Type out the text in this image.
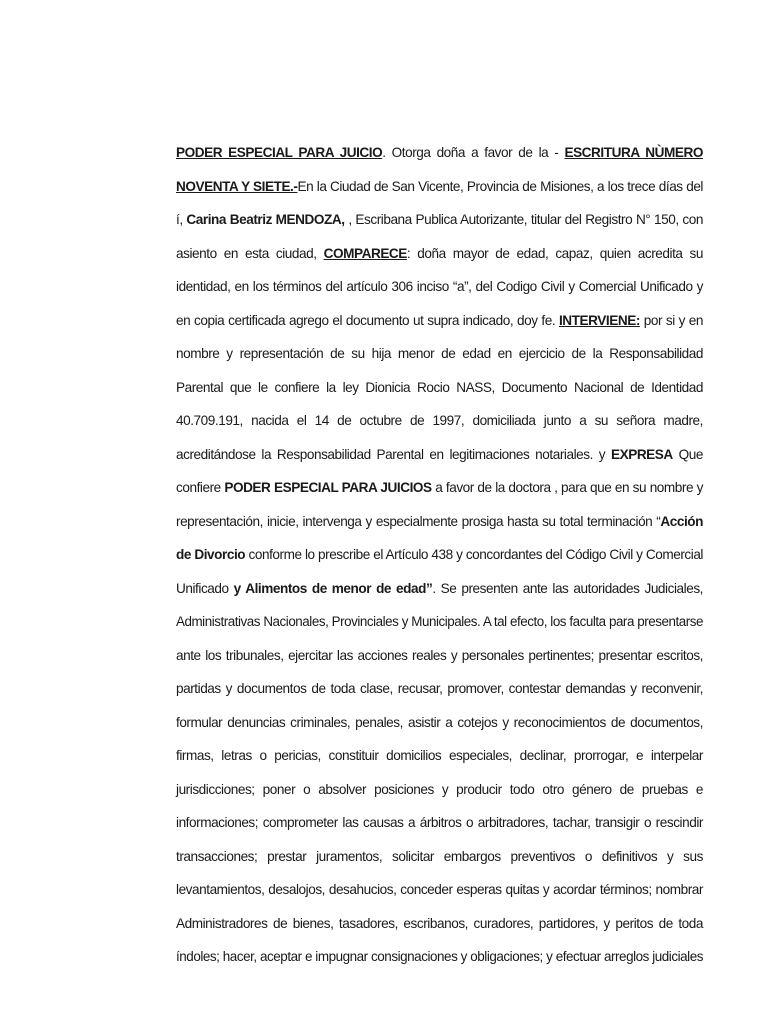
PODER ESPECIAL PARA JUICIO. Otorga doña a favor de la - ESCRITURA NÙMERO
NOVENTA Y SIETE.-En la Ciudad de San Vicente, Provincia de Misiones, a los trece días del
í, Carina Beatriz MENDOZA, , Escribana Publica Autorizante, titular del Registro N° 150, con
asiento en esta ciudad, COMPARECE: doña mayor de edad, capaz, quien acredita su
identidad, en los términos del artículo 306 inciso “a”, del Codigo Civil y Comercial Unificado y
en copia certificada agrego el documento ut supra indicado, doy fe. INTERVIENE: por si y en
nombre y representación de su hija menor de edad en ejercicio de la Responsabilidad
Parental que le confiere la ley Dionicia Rocio NASS, Documento Nacional de Identidad
40.709.191, nacida el 14 de octubre de 1997, domiciliada junto a su señora madre,
acreditándose la Responsabilidad Parental en legitimaciones notariales. y EXPRESA Que
confiere PODER ESPECIAL PARA JUICIOS a favor de la doctora , para que en su nombre y
representación, inicie, intervenga y especialmente prosiga hasta su total terminación “Acción
de Divorcio conforme lo prescribe el Artículo 438 y concordantes del Código Civil y Comercial
Unificado y Alimentos de menor de edad”. Se presenten ante las autoridades Judiciales,
Administrativas Nacionales, Provinciales y Municipales. A tal efecto, los faculta para presentarse
ante los tribunales, ejercitar las acciones reales y personales pertinentes; presentar escritos,
partidas y documentos de toda clase, recusar, promover, contestar demandas y reconvenir,
formular denuncias criminales, penales, asistir a cotejos y reconocimientos de documentos,
firmas, letras o pericias, constituir domicilios especiales, declinar, prorrogar, e interpelar
jurisdicciones; poner o absolver posiciones y producir todo otro género de pruebas e
informaciones; comprometer las causas a árbitros o arbitradores, tachar, transigir o rescindir
transacciones; prestar juramentos, solicitar embargos preventivos o definitivos y sus
levantamientos, desalojos, desahucios, conceder esperas quitas y acordar términos; nombrar
Administradores de bienes, tasadores, escribanos, curadores, partidores, y peritos de toda
índoles; hacer, aceptar e impugnar consignaciones y obligaciones; y efectuar arreglos judiciales
